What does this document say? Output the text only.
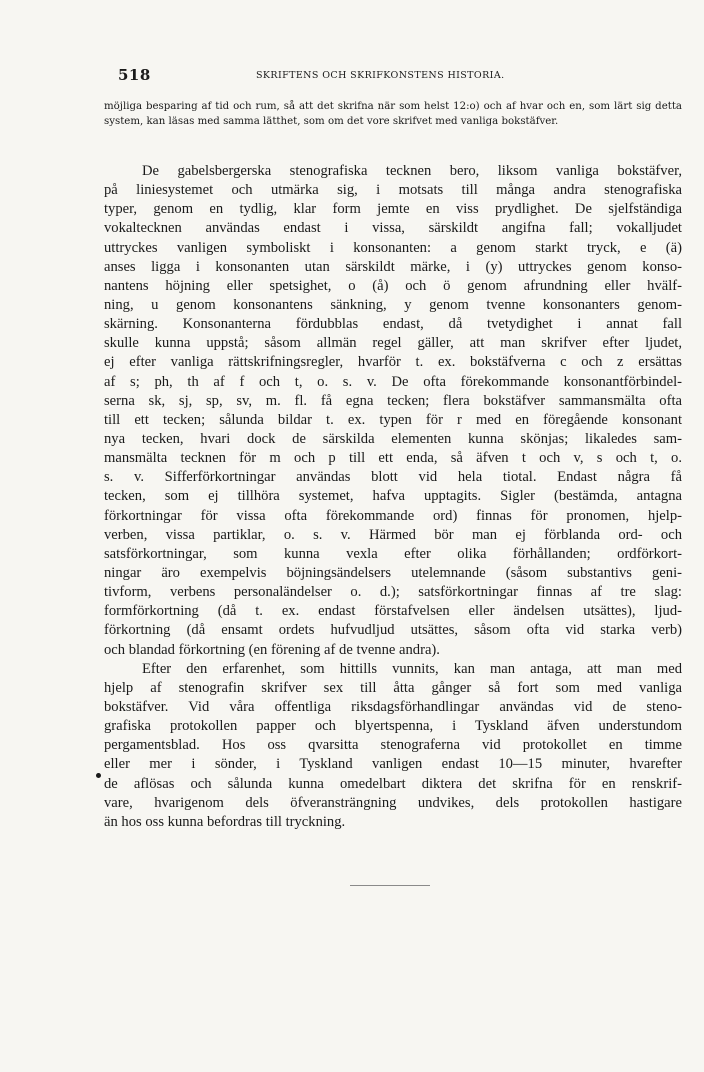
518	SKRIFTENS OCH SKRIFKONSTENS HISTORIA.
möjliga besparing af tid och rum, så att det skrifna när som helst 12:o) och af hvar och en, som lärt sig detta system, kan läsas med samma lätthet, som om det vore skrifvet med vanliga bokstäfver.
De gabelsbergerska stenografiska tecknen bero, liksom vanliga bokstäfver,
på liniesystemet och utmärka sig, i motsats till många andra stenografiska
typer, genom en tydlig, klar form jemte en viss prydlighet. De sjelfständiga
vokaltecknen användas endast i vissa, särskildt angifna fall; vokalljudet
uttryckes vanligen symboliskt i konsonanten: a genom starkt tryck, e (ä)
anses ligga i konsonanten utan särskildt märke, i (y) uttryckes genom konso-
nantens höjning eller spetsighet, o (å) och ö genom afrundning eller hvälf-
ning, u genom konsonantens sänkning, y genom tvenne konsonanters genom-
skärning. Konsonanterna fördubblas endast, då tvetydighet i annat fall
skulle kunna uppstå; såsom allmän regel gäller, att man skrifver efter ljudet,
ej efter vanliga rättskrifningsregler, hvarför t. ex. bokstäfverna c och z ersättas
af s; ph, th af f och t, o. s. v. De ofta förekommande konsonantförbindel-
serna sk, sj, sp, sv, m. fl. få egna tecken; flera bokstäfver sammansmälta ofta
till ett tecken; sålunda bildar t. ex. typen för r med en föregående konsonant
nya tecken, hvari dock de särskilda elementen kunna skönjas; likaledes sam-
mansmälta tecknen för m och p till ett enda, så äfven t och v, s och t, o.
s. v. Sifferförkortningar användas blott vid hela tiotal. Endast några få
tecken, som ej tillhöra systemet, hafva upptagits. Sigler (bestämda, antagna
förkortningar för vissa ofta förekommande ord) finnas för pronomen, hjelp-
verben, vissa partiklar, o. s. v. Härmed bör man ej förblanda ord- och
satsförkortningar, som kunna vexla efter olika förhållanden; ordförkort-
ningar äro exempelvis böjningsändelsers utelemnande (såsom substantivs geni-
tivform, verbens personaländelser o. d.); satsförkortningar finnas af tre slag:
formförkortning (då t. ex. endast förstafvelsen eller ändelsen utsättes), ljud-
förkortning (då ensamt ordets hufvudljud utsättes, såsom ofta vid starka verb)
och blandad förkortning (en förening af de tvenne andra).
Efter den erfarenhet, som hittills vunnits, kan man antaga, att man med
hjelp af stenografin skrifver sex till åtta gånger så fort som med vanliga
bokstäfver. Vid våra offentliga riksdagsförhandlingar användas vid de steno-
grafiska protokollen papper och blyertspenna, i Tyskland äfven understundom
pergamentsblad. Hos oss qvarsitta stenograferna vid protokollet en timme
eller mer i sönder, i Tyskland vanligen endast 10—15 minuter, hvarefter
de aflösas och sålunda kunna omedelbart diktera det skrifna för en renskrif-
vare, hvarigenom dels öfveransträngning undvikes, dels protokollen hastigare
än hos oss kunna befordras till tryckning.
